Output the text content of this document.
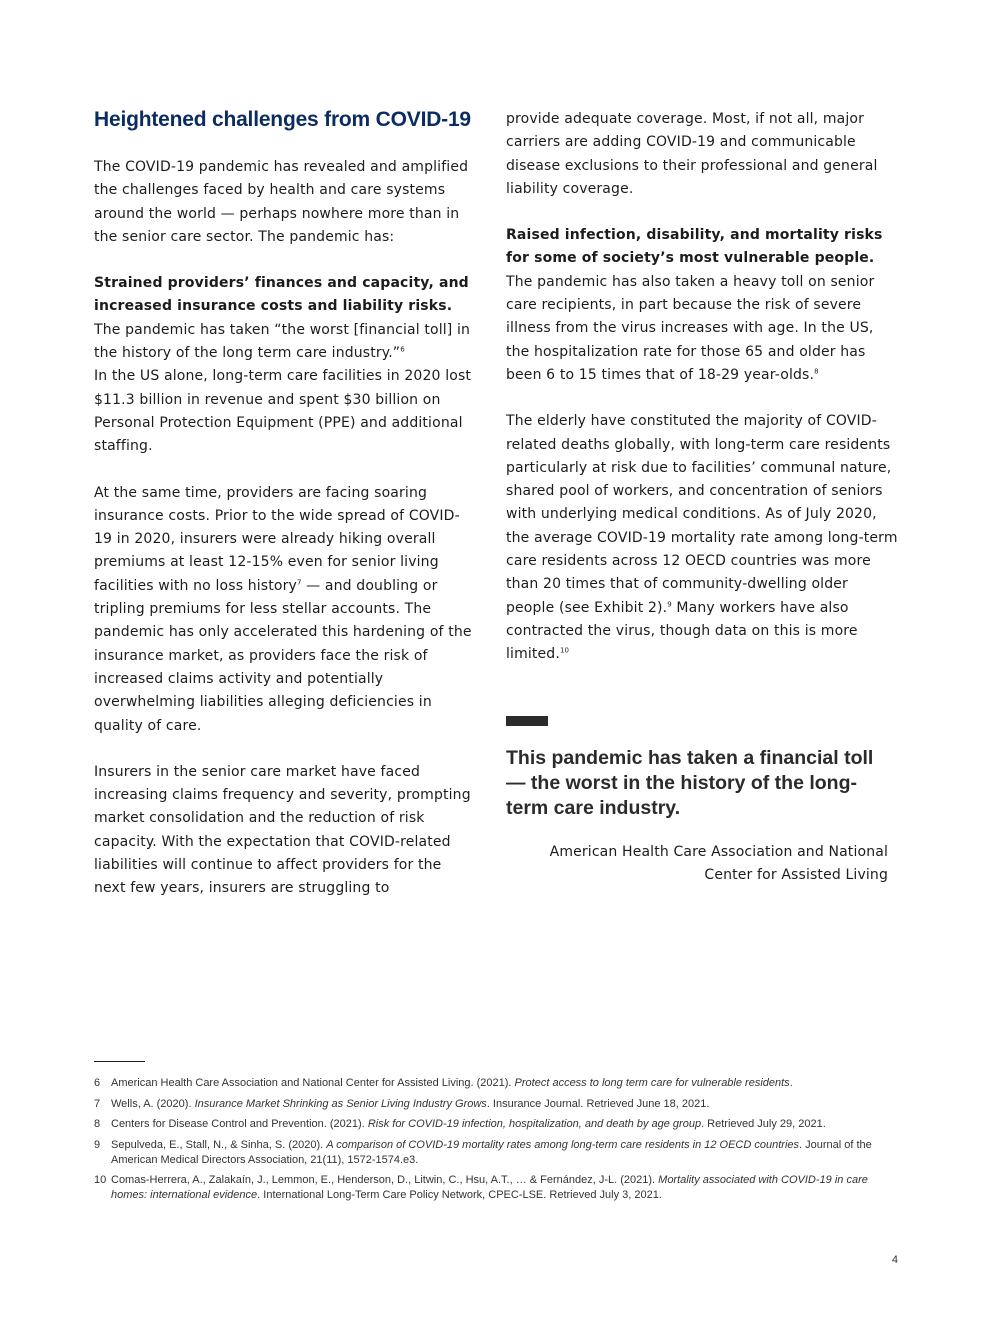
Heightened challenges from COVID-19

The COVID-19 pandemic has revealed and amplified the challenges faced by health and care systems around the world — perhaps nowhere more than in the senior care sector. The pandemic has:

Strained providers’ finances and capacity, and increased insurance costs and liability risks.
The pandemic has taken “the worst [financial toll] in the history of the long term care industry.”$^6$
In the US alone, long-term care facilities in 2020 lost $11.3 billion in revenue and spent $30 billion on Personal Protection Equipment (PPE) and additional staffing.

At the same time, providers are facing soaring insurance costs. Prior to the wide spread of COVID-19 in 2020, insurers were already hiking overall premiums at least 12-15% even for senior living facilities with no loss history$^7$ — and doubling or tripling premiums for less stellar accounts. The pandemic has only accelerated this hardening of the insurance market, as providers face the risk of increased claims activity and potentially overwhelming liabilities alleging deficiencies in quality of care.

Insurers in the senior care market have faced increasing claims frequency and severity, prompting market consolidation and the reduction of risk capacity. With the expectation that COVID-related liabilities will continue to affect providers for the next few years, insurers are struggling to

provide adequate coverage. Most, if not all, major carriers are adding COVID-19 and communicable disease exclusions to their professional and general liability coverage.

Raised infection, disability, and mortality risks for some of society’s most vulnerable people.
The pandemic has also taken a heavy toll on senior care recipients, in part because the risk of severe illness from the virus increases with age. In the US, the hospitalization rate for those 65 and older has been 6 to 15 times that of 18-29 year-olds.$^8$

The elderly have constituted the majority of COVID-related deaths globally, with long-term care residents particularly at risk due to facilities’ communal nature, shared pool of workers, and concentration of seniors with underlying medical conditions. As of July 2020, the average COVID-19 mortality rate among long-term care residents across 12 OECD countries was more than 20 times that of community-dwelling older people (see Exhibit 2).$^9$ Many workers have also contracted the virus, though data on this is more limited.$^{10}$

This pandemic has taken a financial toll — the worst in the history of the long-term care industry.
American Health Care Association and National
Center for Assisted Living
6 American Health Care Association and National Center for Assisted Living. (2021). Protect access to long term care for vulnerable residents.
7 Wells, A. (2020). Insurance Market Shrinking as Senior Living Industry Grows. Insurance Journal. Retrieved June 18, 2021.
8 Centers for Disease Control and Prevention. (2021). Risk for COVID-19 infection, hospitalization, and death by age group. Retrieved July 29, 2021.
9 Sepulveda, E., Stall, N., & Sinha, S. (2020). A comparison of COVID-19 mortality rates among long-term care residents in 12 OECD countries. Journal of the American Medical Directors Association, 21(11), 1572-1574.e3.
10 Comas-Herrera, A., Zalakaín, J., Lemmon, E., Henderson, D., Litwin, C., Hsu, A.T., … & Fernández, J-L. (2021). Mortality associated with COVID-19 in care homes: international evidence. International Long-Term Care Policy Network, CPEC-LSE. Retrieved July 3, 2021.
4
